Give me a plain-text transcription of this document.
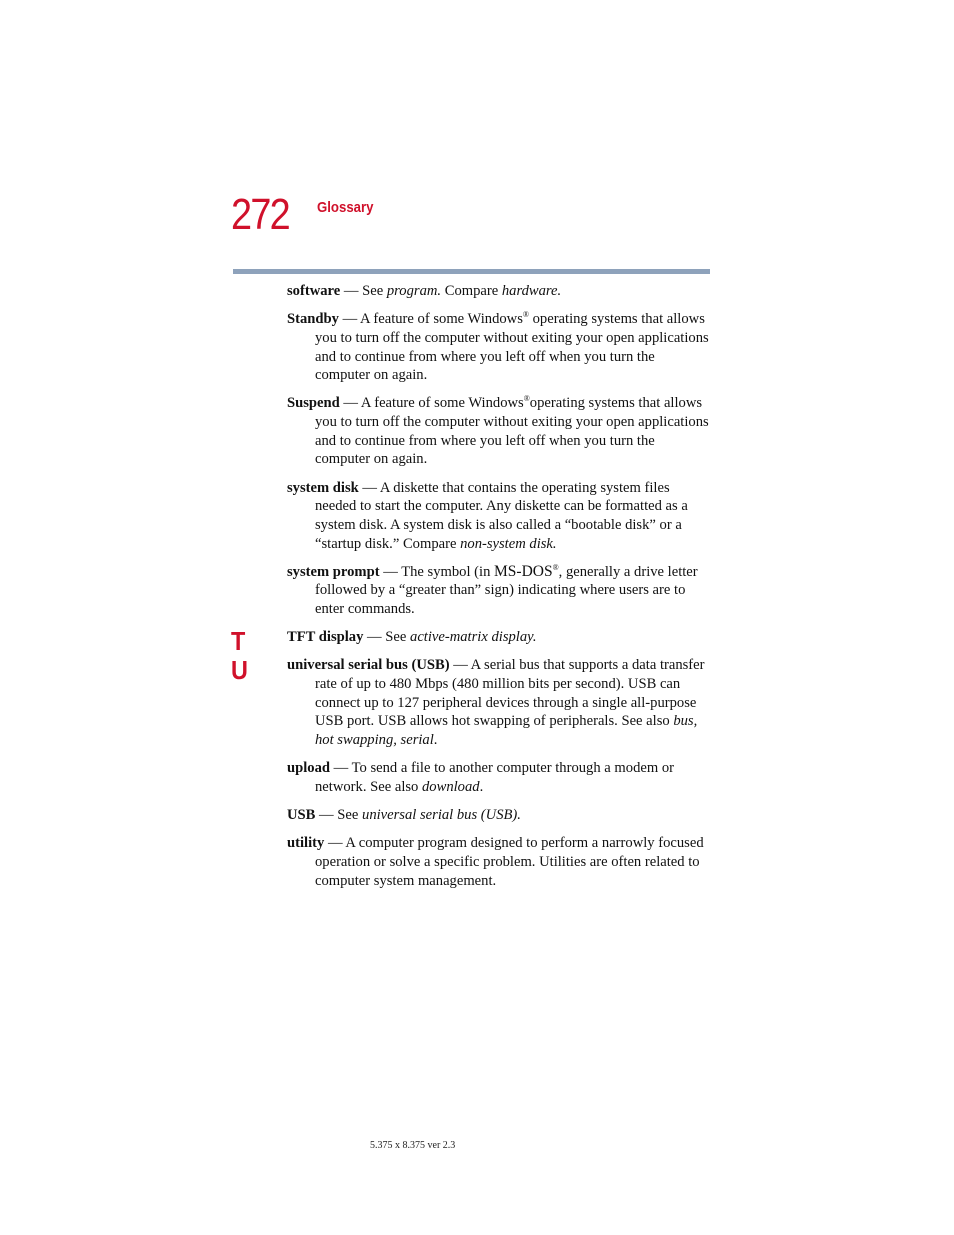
272 Glossary
T
U

software — See program. Compare hardware.

Standby — A feature of some Windows® operating systems that allows you to turn off the computer without exiting your open applications and to continue from where you left off when you turn the computer on again.

Suspend — A feature of some Windows®operating systems that allows you to turn off the computer without exiting your open applications and to continue from where you left off when you turn the computer on again.

system disk — A diskette that contains the operating system files needed to start the computer. Any diskette can be formatted as a system disk. A system disk is also called a “bootable disk” or a “startup disk.” Compare non-system disk.

system prompt — The symbol (in MS-DOS®, generally a drive letter followed by a “greater than” sign) indicating where users are to enter commands.

TFT display — See active-matrix display.

universal serial bus (USB) — A serial bus that supports a data transfer rate of up to 480 Mbps (480 million bits per second). USB can connect up to 127 peripheral devices through a single all-purpose USB port. USB allows hot swapping of peripherals. See also bus, hot swapping, serial.

upload — To send a file to another computer through a modem or network. See also download.

USB — See universal serial bus (USB).

utility — A computer program designed to perform a narrowly focused operation or solve a specific problem. Utilities are often related to computer system management.

5.375 x 8.375 ver 2.3
